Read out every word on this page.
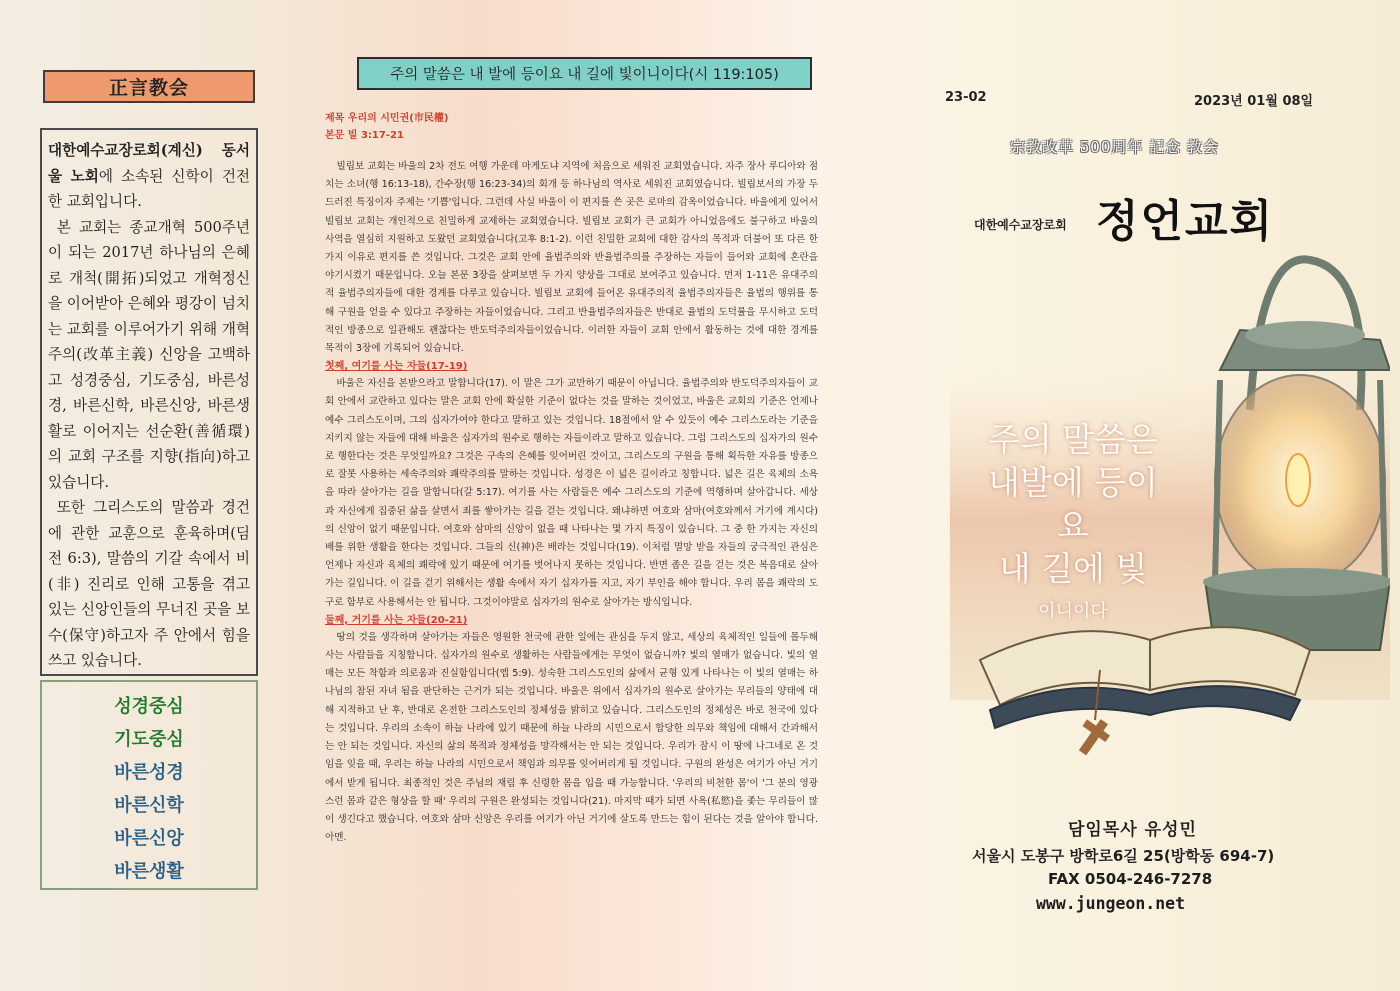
正言教会

대한예수교장로회(계신) 동서울 노회에 소속된 신학이 건전한 교회입니다.

본 교회는 종교개혁 500주년이 되는 2017년 하나님의 은혜로 개척(開拓)되었고 개혁정신을 이어받아 은혜와 평강이 넘치는 교회를 이루어가기 위해 개혁주의(改革主義) 신앙을 고백하고 성경중심, 기도중심, 바른성경, 바른신학, 바른신앙, 바른생활로 이어지는 선순환(善循環)의 교회 구조를 지향(指向)하고 있습니다.

또한 그리스도의 말씀과 경건에 관한 교훈으로 훈육하며(딤전 6:3), 말씀의 기갈 속에서 비(非) 진리로 인해 고통을 겪고 있는 신앙인들의 무너진 곳을 보수(保守)하고자 주 안에서 힘을 쓰고 있습니다.

성경중심
기도중심
바른성경
바른신학
바른신앙
바른생활
주의 말씀은 내 발에 등이요 내 길에 빛이니이다(시 119:105)

제목 우리의 시민권(市民權)

본문 빌 3:17-21

빌립보 교회는 바울의 2차 전도 여행 가운데 마게도냐 지역에 처음으로 세워진 교회였습니다. 자주 장사 루디아와 점치는 소녀(행 16:13-18), 간수장(행 16:23-34)의 회개 등 하나님의 역사로 세워진 교회였습니다. 빌립보서의 가장 두드러진 특징이자 주제는 '기쁨'입니다. 그런데 사실 바울이 이 편지를 쓴 곳은 로마의 감옥이었습니다. 바울에게 있어서 빌립보 교회는 개인적으로 친밀하게 교제하는 교회였습니다. 빌립보 교회가 큰 교회가 아니었음에도 불구하고 바울의 사역을 열심히 지원하고 도왔던 교회였습니다(고후 8:1-2). 이런 친밀한 교회에 대한 감사의 목적과 더불어 또 다른 한 가지 이유로 편지를 쓴 것입니다. 그것은 교회 안에 율법주의와 반율법주의를 주장하는 자들이 들어와 교회에 혼란을 야기시켰기 때문입니다. 오늘 본문 3장을 살펴보면 두 가지 양상을 그대로 보여주고 있습니다. 먼저 1-11은 유대주의적 율법주의자들에 대한 경계를 다루고 있습니다. 빌립보 교회에 들어온 유대주의적 율법주의자들은 율법의 행위를 통해 구원을 얻을 수 있다고 주장하는 자들이었습니다. 그리고 반율법주의자들은 반대로 율법의 도덕률을 무시하고 도덕적인 방종으로 일관해도 괜찮다는 반도덕주의자들이었습니다. 이러한 자들이 교회 안에서 활동하는 것에 대한 경계를 목적이 3장에 기록되어 있습니다.

첫째, 여기를 사는 자들(17-19)

바울은 자신을 본받으라고 말합니다(17). 이 말은 그가 교만하기 때문이 아닙니다. 율법주의와 반도덕주의자들이 교회 안에서 교란하고 있다는 말은 교회 안에 확실한 기준이 없다는 것을 말하는 것이었고, 바울은 교회의 기준은 언제나 예수 그리스도이며, 그의 십자가여야 한다고 말하고 있는 것입니다. 18절에서 알 수 있듯이 예수 그리스도라는 기준을 지키지 않는 자들에 대해 바울은 십자가의 원수로 행하는 자들이라고 말하고 있습니다. 그럼 그리스도의 십자가의 원수로 행한다는 것은 무엇일까요? 그것은 구속의 은혜를 잊어버린 것이고, 그리스도의 구원을 통해 획득한 자유를 방종으로 잘못 사용하는 세속주의와 쾌락주의를 말하는 것입니다. 성경은 이 넓은 길이라고 칭합니다. 넓은 길은 육체의 소욕을 따라 살아가는 길을 말합니다(갈 5:17). 여기를 사는 사람들은 예수 그리스도의 기준에 역행하며 살아갑니다. 세상과 자신에게 집중된 삶을 살면서 죄를 쌓아가는 길을 걷는 것입니다. 왜냐하면 여호와 삼마(여호와께서 거기에 계시다)의 신앙이 없기 때문입니다. 여호와 삼마의 신앙이 없을 때 나타나는 몇 가지 특징이 있습니다. 그 중 한 가지는 자신의 배를 위한 생활을 한다는 것입니다. 그들의 신(神)은 배라는 것입니다(19). 이처럼 멸망 받을 자들의 궁극적인 관심은 언제나 자신과 육체의 쾌락에 있기 때문에 여기를 벗어나지 못하는 것입니다. 반면 좁은 길을 걷는 것은 복음대로 살아가는 길입니다. 이 길을 걷기 위해서는 생활 속에서 자기 십자가를 지고, 자기 부인을 해야 합니다. 우리 몸을 쾌락의 도구로 함부로 사용해서는 안 됩니다. 그것이야말로 십자가의 원수로 살아가는 방식입니다.

둘째, 거기를 사는 자들(20-21)

땅의 것을 생각하며 살아가는 자들은 영원한 천국에 관한 일에는 관심을 두지 않고, 세상의 육체적인 일들에 몰두해 사는 사람들을 지칭합니다. 십자가의 원수로 생활하는 사람들에게는 무엇이 없습니까? 빛의 열매가 없습니다. 빛의 열매는 모든 착함과 의로움과 진실함입니다(엡 5:9). 성숙한 그리스도인의 삶에서 균형 있게 나타나는 이 빛의 열매는 하나님의 참된 자녀 됨을 판단하는 근거가 되는 것입니다. 바울은 위에서 십자가의 원수로 살아가는 무리들의 양태에 대해 지적하고 난 후, 반대로 온전한 그리스도인의 정체성을 밝히고 있습니다. 그리스도인의 정체성은 바로 천국에 있다는 것입니다. 우리의 소속이 하늘 나라에 있기 때문에 하늘 나라의 시민으로서 합당한 의무와 책임에 대해서 간과해서는 안 되는 것입니다. 자신의 삶의 목적과 정체성을 망각해서는 안 되는 것입니다. 우리가 잠시 이 땅에 나그네로 온 것임을 잊을 때, 우리는 하늘 나라의 시민으로서 책임과 의무를 잊어버리게 될 것입니다. 구원의 완성은 여기가 아닌 거기에서 받게 됩니다. 최종적인 것은 주님의 재림 후 신령한 몸을 입을 때 가능합니다. '우리의 비천한 몸'이 '그 분의 영광스런 몸과 같은 형상을 할 때' 우리의 구원은 완성되는 것입니다(21). 마지막 때가 되면 사욕(私慾)을 좇는 무리들이 많이 생긴다고 했습니다. 여호와 삼마 신앙은 우리를 여기가 아닌 거기에 살도록 만드는 힘이 된다는 것을 알아야 합니다. 아멘.

23-02	2023년 01월 08일
宗教改革 500周年 記念 教会
대한예수교장로회 정언교회
주의 말씀은
내발에 등이요
내 길에 빛
이니이다
담임목사 유성민
서울시 도봉구 방학로6길 25(방학동 694-7)
FAX 0504-246-7278
www.jungeon.net
